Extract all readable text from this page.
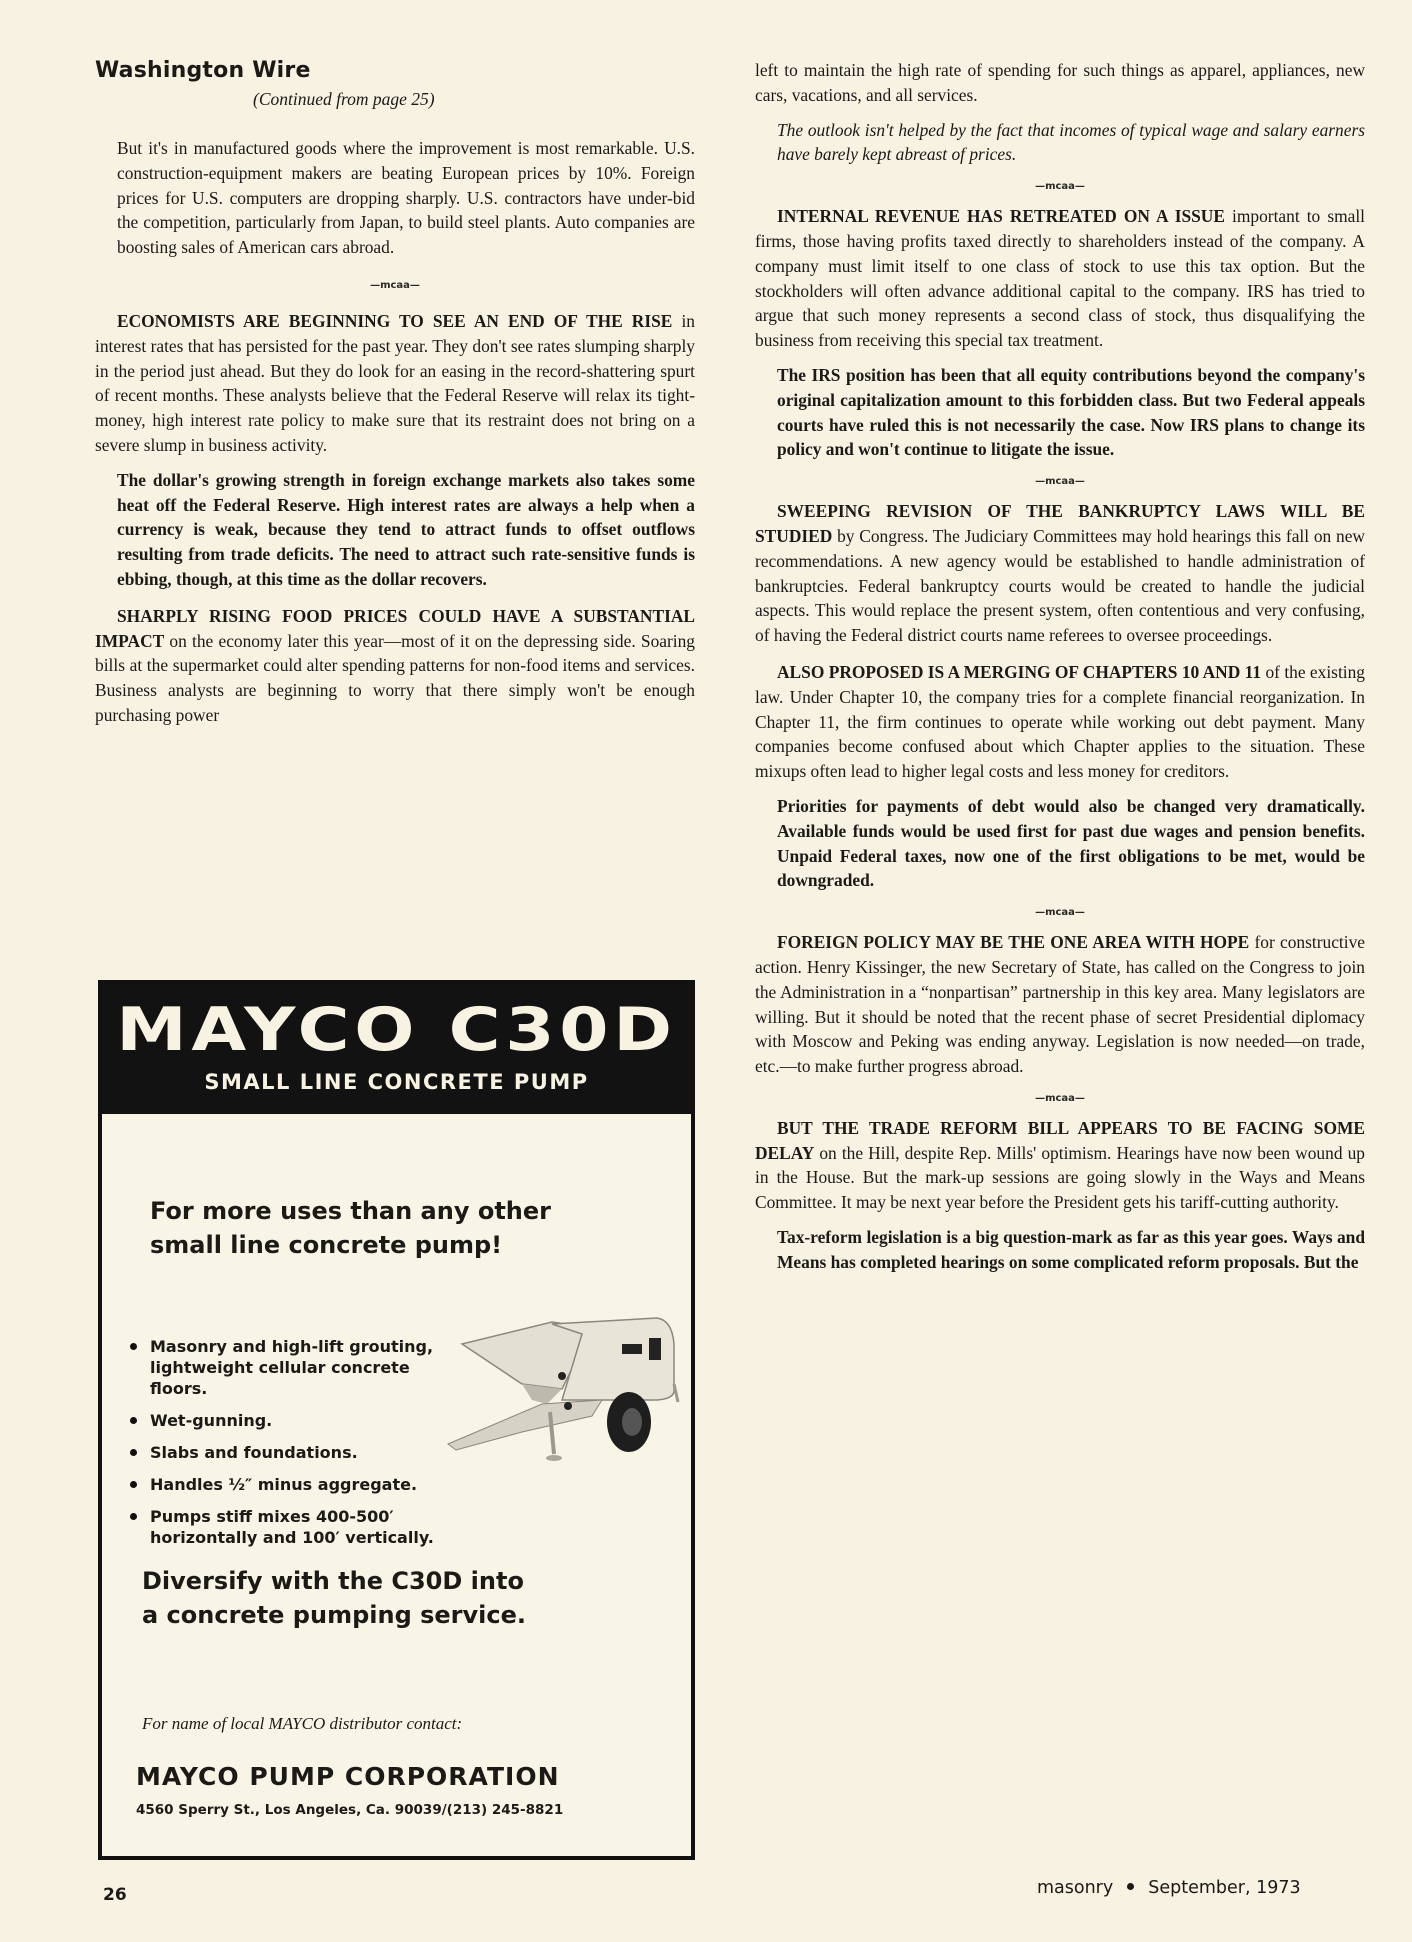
Washington Wire
(Continued from page 25)

But it's in manufactured goods where the improvement is most remarkable. U.S. construction-equipment makers are beating European prices by 10%. Foreign prices for U.S. computers are dropping sharply. U.S. contractors have under-bid the competition, particularly from Japan, to build steel plants. Auto companies are boosting sales of American cars abroad.

—mcaa—

ECONOMISTS ARE BEGINNING TO SEE AN END OF THE RISE in interest rates that has persisted for the past year. They don't see rates slumping sharply in the period just ahead. But they do look for an easing in the record-shattering spurt of recent months. These analysts believe that the Federal Reserve will relax its tight-money, high interest rate policy to make sure that its restraint does not bring on a severe slump in business activity.

The dollar's growing strength in foreign exchange markets also takes some heat off the Federal Reserve. High interest rates are always a help when a currency is weak, because they tend to attract funds to offset outflows resulting from trade deficits. The need to attract such rate-sensitive funds is ebbing, though, at this time as the dollar recovers.

SHARPLY RISING FOOD PRICES COULD HAVE A SUBSTANTIAL IMPACT on the economy later this year—most of it on the depressing side. Soaring bills at the supermarket could alter spending patterns for non-food items and services. Business analysts are beginning to worry that there simply won't be enough purchasing power

MAYCO C30D
SMALL LINE CONCRETE PUMP
For more uses than any other
small line concrete pump!
Masonry and high-lift grouting, lightweight cellular concrete floors.
Wet-gunning.
Slabs and foundations.
Handles ½″ minus aggregate.
Pumps stiff mixes 400-500′ horizontally and 100′ vertically.
Diversify with the C30D into
a concrete pumping service.
For name of local MAYCO distributor contact:
MAYCO PUMP CORPORATION
4560 Sperry St., Los Angeles, Ca. 90039/(213) 245-8821

left to maintain the high rate of spending for such things as apparel, appliances, new cars, vacations, and all services.

The outlook isn't helped by the fact that incomes of typical wage and salary earners have barely kept abreast of prices.

—mcaa—

INTERNAL REVENUE HAS RETREATED ON A ISSUE important to small firms, those having profits taxed directly to shareholders instead of the company. A company must limit itself to one class of stock to use this tax option. But the stockholders will often advance additional capital to the company. IRS has tried to argue that such money represents a second class of stock, thus disqualifying the business from receiving this special tax treatment.

The IRS position has been that all equity contributions beyond the company's original capitalization amount to this forbidden class. But two Federal appeals courts have ruled this is not necessarily the case. Now IRS plans to change its policy and won't continue to litigate the issue.

—mcaa—

SWEEPING REVISION OF THE BANKRUPTCY LAWS WILL BE STUDIED by Congress. The Judiciary Committees may hold hearings this fall on new recommendations. A new agency would be established to handle administration of bankruptcies. Federal bankruptcy courts would be created to handle the judicial aspects. This would replace the present system, often contentious and very confusing, of having the Federal district courts name referees to oversee proceedings.

ALSO PROPOSED IS A MERGING OF CHAPTERS 10 AND 11 of the existing law. Under Chapter 10, the company tries for a complete financial reorganization. In Chapter 11, the firm continues to operate while working out debt payment. Many companies become confused about which Chapter applies to the situation. These mixups often lead to higher legal costs and less money for creditors.

Priorities for payments of debt would also be changed very dramatically. Available funds would be used first for past due wages and pension benefits. Unpaid Federal taxes, now one of the first obligations to be met, would be downgraded.

—mcaa—

FOREIGN POLICY MAY BE THE ONE AREA WITH HOPE for constructive action. Henry Kissinger, the new Secretary of State, has called on the Congress to join the Administration in a “nonpartisan” partnership in this key area. Many legislators are willing. But it should be noted that the recent phase of secret Presidential diplomacy with Moscow and Peking was ending anyway. Legislation is now needed—on trade, etc.—to make further progress abroad.

—mcaa—

BUT THE TRADE REFORM BILL APPEARS TO BE FACING SOME DELAY on the Hill, despite Rep. Mills' optimism. Hearings have now been wound up in the House. But the mark-up sessions are going slowly in the Ways and Means Committee. It may be next year before the President gets his tariff-cutting authority.

Tax-reform legislation is a big question-mark as far as this year goes. Ways and Means has completed hearings on some complicated reform proposals. But the

26	masonry September, 1973
